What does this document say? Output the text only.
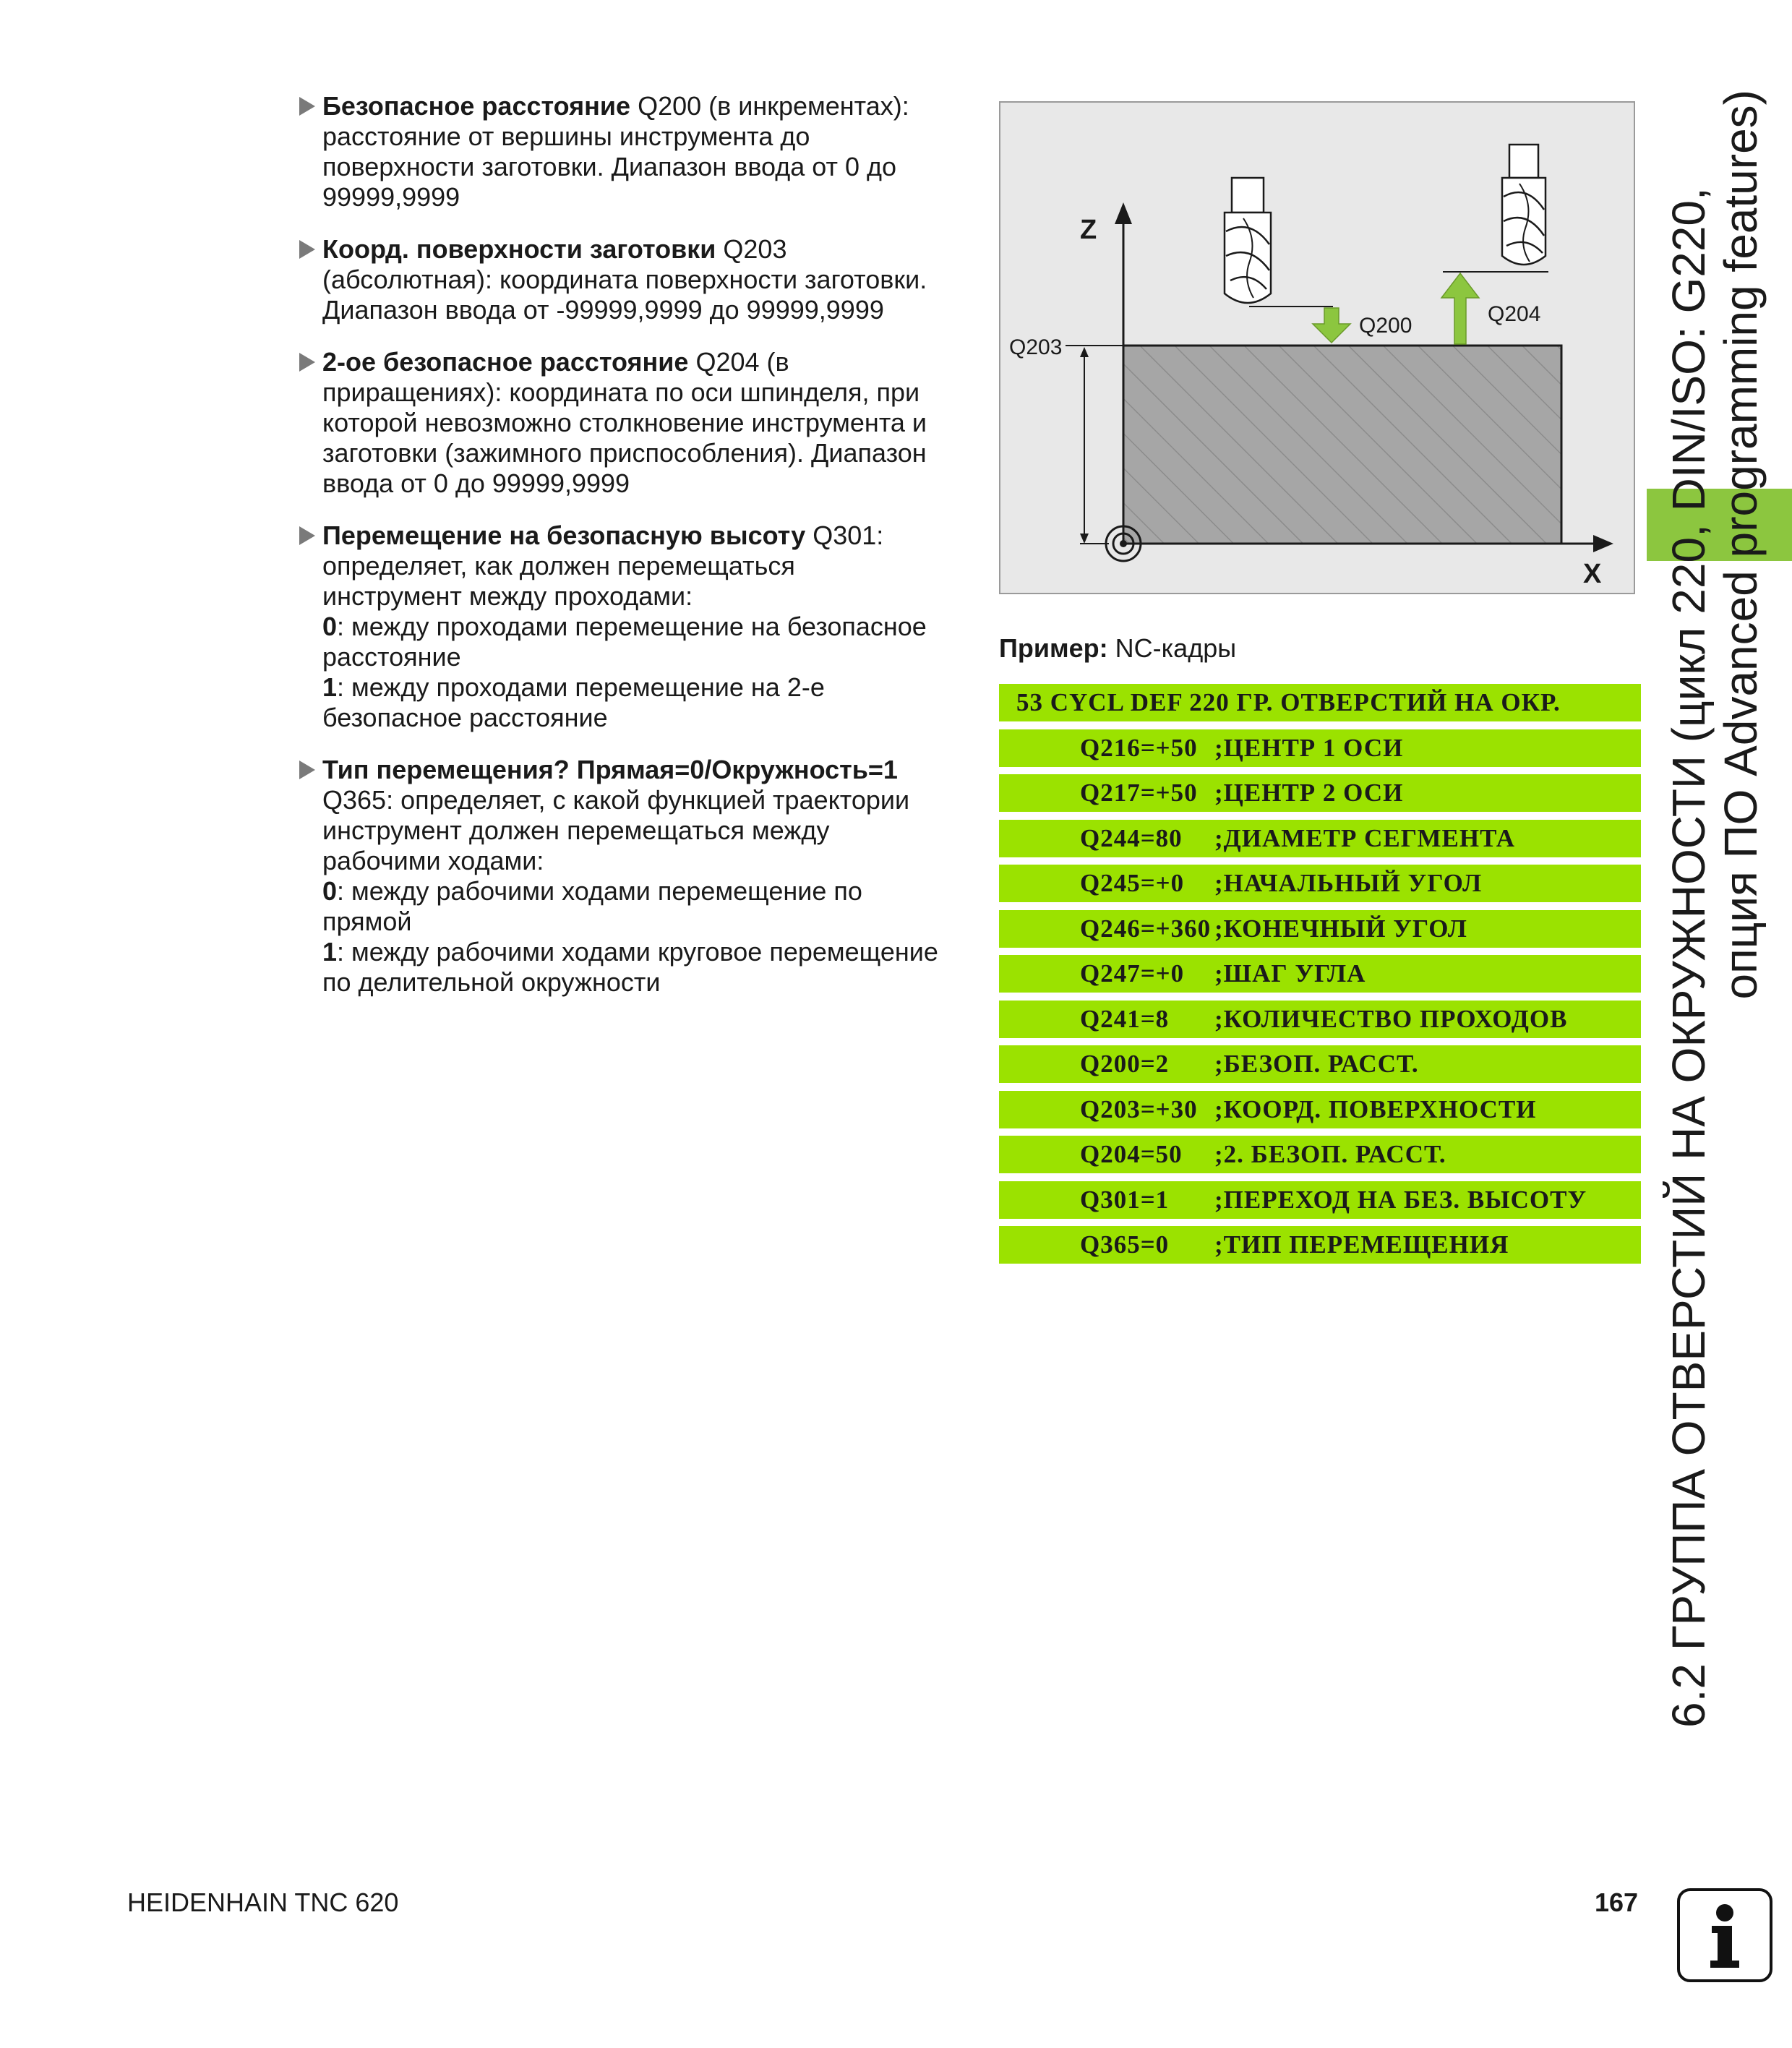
Безопасное расстояние Q200 (в инкрементах):
расстояние от вершины инструмента до
поверхности заготовки. Диапазон ввода от 0 до
99999,9999
Коорд. поверхности заготовки Q203
(абсолютная): координата поверхности заготовки.
Диапазон ввода от -99999,9999 до 99999,9999
2-ое безопасное расстояние Q204 (в
приращениях): координата по оси шпинделя, при
которой невозможно столкновение инструмента и
заготовки (зажимного приспособления). Диапазон
ввода от 0 до 99999,9999
Перемещение на безопасную высоту Q301:
определяет, как должен перемещаться
инструмент между проходами:
0: между проходами перемещение на безопасное
расстояние
1: между проходами перемещение на 2-е
безопасное расстояние
Тип перемещения? Прямая=0/Окружность=1
Q365: определяет, с какой функцией траектории
инструмент должен перемещаться между
рабочими ходами:
0: между рабочими ходами перемещение по
прямой
1: между рабочими ходами круговое перемещение
по делительной окружности
Z
X
Q203
Q200	Q204
Пример: NC-кадры
53 CYCL DEF 220 ГР. ОТВЕРСТИЙ НА ОКР.
Q216=+50 ;ЦЕНТР 1 ОСИ
Q217=+50 ;ЦЕНТР 2 ОСИ
Q244=80 ;ДИАМЕТР СЕГМЕНТА
Q245=+0 ;НАЧАЛЬНЫЙ УГОЛ
Q246=+360 ;КОНЕЧНЫЙ УГОЛ
Q247=+0 ;ШАГ УГЛА
Q241=8 ;КОЛИЧЕСТВО ПРОХОДОВ
Q200=2 ;БЕЗОП. РАССТ.
Q203=+30 ;КООРД. ПОВЕРХНОСТИ
Q204=50 ;2. БЕЗОП. РАССТ.
Q301=1 ;ПЕРЕХОД НА БЕЗ. ВЫСОТУ
Q365=0 ;ТИП ПЕРЕМЕЩЕНИЯ	6.2 ГРУППА ОТВЕРСТИЙ НА ОКРУЖНОСТИ (цикл 220, DIN/ISO: G220, опция ПО Advanced programming features)
HEIDENHAIN TNC 620	167
